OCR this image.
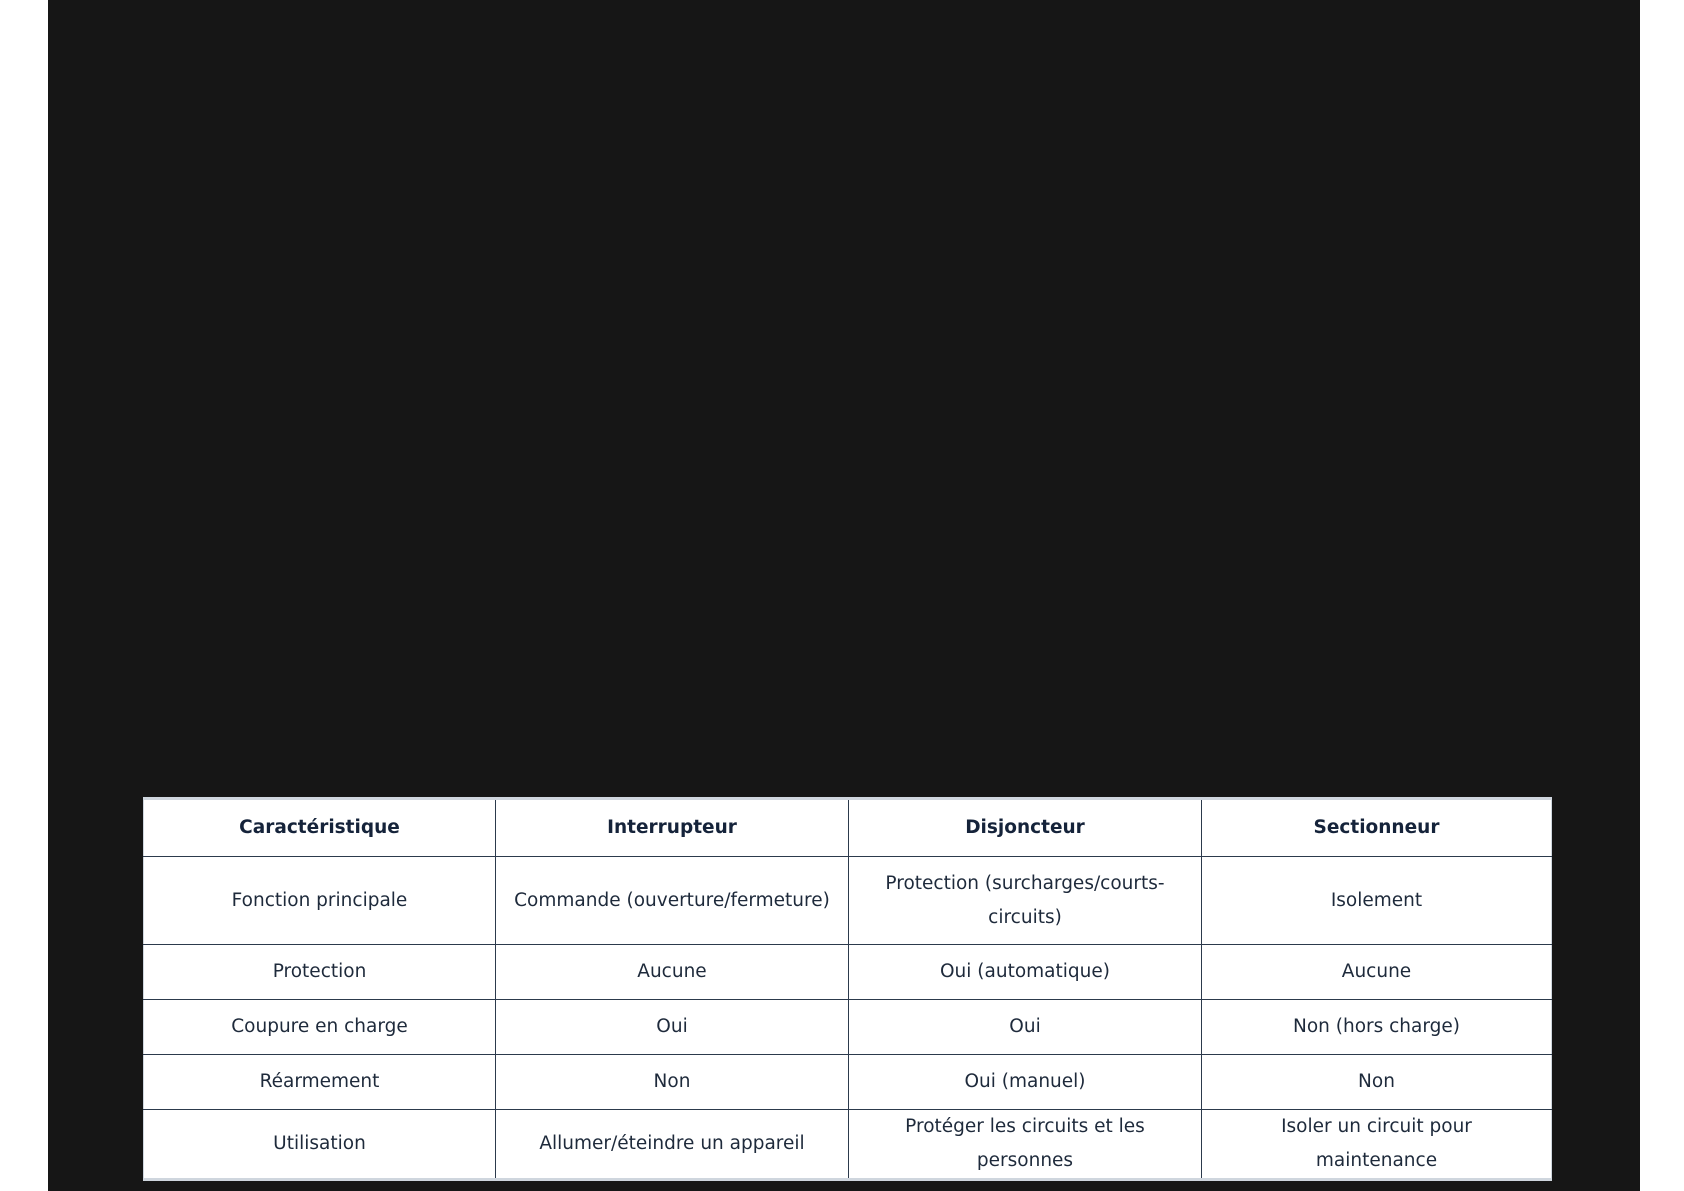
Caractéristique	Interrupteur	Disjoncteur	Sectionneur
Fonction principale	Commande (ouverture/fermeture)	Protection (surcharges/courts-circuits)	Isolement
Protection	Aucune	Oui (automatique)	Aucune
Coupure en charge	Oui	Oui	Non (hors charge)
Réarmement	Non	Oui (manuel)	Non
Utilisation	Allumer/éteindre un appareil	Protéger les circuits et les personnes	Isoler un circuit pour maintenance
